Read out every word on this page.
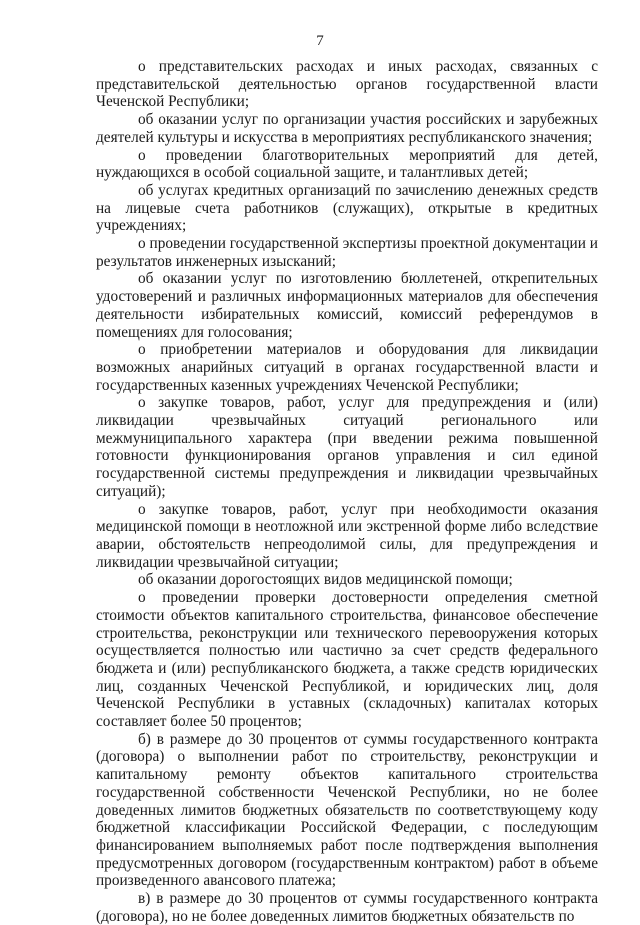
7

о представительских расходах и иных расходах, связанных с представительской деятельностью органов государственной власти Чеченской Республики;

об оказании услуг по организации участия российских и зарубежных деятелей культуры и искусства в мероприятиях республиканского значения;

о проведении благотворительных мероприятий для детей, нуждающихся в особой социальной защите, и талантливых детей;

об услугах кредитных организаций по зачислению денежных средств на лицевые счета работников (служащих), открытые в кредитных учреждениях;

о проведении государственной экспертизы проектной документации и результатов инженерных изысканий;

об оказании услуг по изготовлению бюллетеней, открепительных удостоверений и различных информационных материалов для обеспечения деятельности избирательных комиссий, комиссий референдумов в помещениях для голосования;

о приобретении материалов и оборудования для ликвидации возможных анарийных ситуаций в органах государственной власти и государственных казенных учреждениях Чеченской Республики;

о закупке товаров, работ, услуг для предупреждения и (или) ликвидации чрезвычайных ситуаций регионального или межмуниципального характера (при введении режима повышенной готовности функционирования органов управления и сил единой государственной системы предупреждения и ликвидации чрезвычайных ситуаций);

о закупке товаров, работ, услуг при необходимости оказания медицинской помощи в неотложной или экстренной форме либо вследствие аварии, обстоятельств непреодолимой силы, для предупреждения и ликвидации чрезвычайной ситуации;

об оказании дорогостоящих видов медицинской помощи;

о проведении проверки достоверности определения сметной стоимости объектов капитального строительства, финансовое обеспечение строительства, реконструкции или технического перевооружения которых осуществляется полностью или частично за счет средств федерального бюджета и (или) республиканского бюджета, а также средств юридических лиц, созданных Чеченской Республикой, и юридических лиц, доля Чеченской Республики в уставных (складочных) капиталах которых составляет более 50 процентов;

б) в размере до 30 процентов от суммы государственного контракта (договора) о выполнении работ по строительству, реконструкции и капитальному ремонту объектов капитального строительства государственной собственности Чеченской Республики, но не более доведенных лимитов бюджетных обязательств по соответствующему коду бюджетной классификации Российской Федерации, с последующим финансированием выполняемых работ после подтверждения выполнения предусмотренных договором (государственным контрактом) работ в объеме произведенного авансового платежа;

в) в размере до 30 процентов от суммы государственного контракта (договора), но не более доведенных лимитов бюджетных обязательств по
